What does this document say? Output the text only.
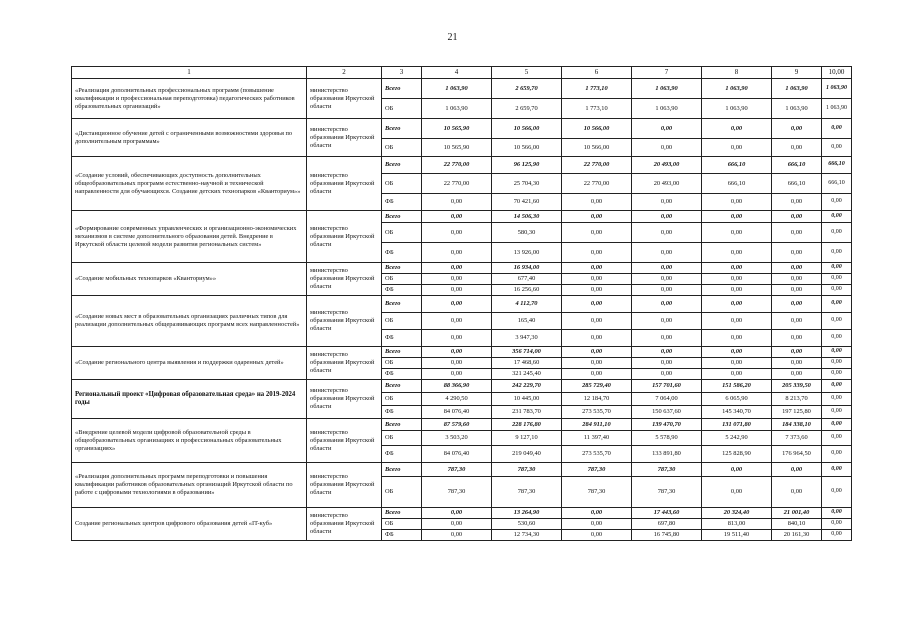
21
1	2	3	4	5	6	7	8	9	10,00
«Реализация дополнительных профессиональных программ (повышение квалификации и профессиональная переподготовка) педагогических работников образовательных организаций»	министерство образования Иркутской области	Всего	1 063,90	2 659,70	1 773,10	1 063,90	1 063,90	1 063,90	1 063,90
		ОБ	1 063,90	2 659,70	1 773,10	1 063,90	1 063,90	1 063,90	1 063,90
«Дистанционное обучение детей с ограниченными возможностями здоровья по дополнительным программам»	министерство образования Иркутской области	Всего	10 565,90	10 566,00	10 566,00	0,00	0,00	0,00	0,00
		ОБ	10 565,90	10 566,00	10 566,00	0,00	0,00	0,00	0,00
«Создание условий, обеспечивающих доступность дополнительных общеобразовательных программ естественно-научной и технической направленности для обучающихся. Создание детских технопарков «Кванториум»»	министерство образования Иркутской области	Всего	22 770,00	96 125,90	22 770,00	20 493,00	666,10	666,10	666,10
		ОБ	22 770,00	25 704,30	22 770,00	20 493,00	666,10	666,10	666,10
		ФБ	0,00	70 421,60	0,00	0,00	0,00	0,00	0,00
«Формирование современных управленческих и организационно-экономических механизмов в системе дополнительного образования детей. Внедрение в Иркутской области целевой модели развития региональных систем»	министерство образования Иркутской области	Всего	0,00	14 506,30	0,00	0,00	0,00	0,00	0,00
		ОБ	0,00	580,30	0,00	0,00	0,00	0,00	0,00
		ФБ	0,00	13 926,00	0,00	0,00	0,00	0,00	0,00
«Создание мобильных технопарков «Кванториум»»	министерство образования Иркутской области	Всего	0,00	16 934,00	0,00	0,00	0,00	0,00	0,00
		ОБ	0,00	677,40	0,00	0,00	0,00	0,00	0,00
		ФБ	0,00	16 256,60	0,00	0,00	0,00	0,00	0,00
«Создание новых мест в образовательных организациях различных типов для реализации дополнительных общеразвивающих программ всех направленностей»	министерство образования Иркутской области	Всего	0,00	4 112,70	0,00	0,00	0,00	0,00	0,00
		ОБ	0,00	165,40	0,00	0,00	0,00	0,00	0,00
		ФБ	0,00	3 947,30	0,00	0,00	0,00	0,00	0,00
«Создание регионального центра выявления и поддержки одаренных детей»	министерство образования Иркутской области	Всего	0,00	356 714,00	0,00	0,00	0,00	0,00	0,00
		ОБ	0,00	17 468,60	0,00	0,00	0,00	0,00	0,00
		ФБ	0,00	321 245,40	0,00	0,00	0,00	0,00	0,00
Региональный проект «Цифровая образовательная среда» на 2019-2024 годы	министерство образования Иркутской области	Всего	88 366,90	242 229,70	285 729,40	157 701,60	151 586,20	205 339,50	0,00
		ОБ	4 290,50	10 445,00	12 184,70	7 064,00	6 065,90	8 213,70	0,00
		ФБ	84 076,40	231 783,70	273 535,70	150 637,60	145 340,70	197 125,80	0,00
«Внедрение целевой модели цифровой образовательной среды в общеобразовательных организациях и профессиональных образовательных организациях»	министерство образования Иркутской области	Всего	87 579,60	228 176,80	284 911,10	139 470,70	131 071,80	184 338,10	0,00
		ОБ	3 503,20	9 127,10	11 397,40	5 578,90	5 242,90	7 373,60	0,00
		ФБ	84 076,40	219 049,40	273 535,70	133 891,80	125 828,90	176 964,50	0,00
«Реализация дополнительных программ переподготовки и повышения квалификации работников образовательных организаций Иркутской области по работе с цифровыми технологиями в образовании»	министерство образования Иркутской области	Всего	787,30	787,30	787,30	787,30	0,00	0,00	0,00
		ОБ	787,30	787,30	787,30	787,30	0,00	0,00	0,00
Создание региональных центров цифрового образования детей «IT-куб»	министерство образования Иркутской области	Всего	0,00	13 264,90	0,00	17 443,60	20 324,40	21 001,40	0,00
		ОБ	0,00	530,60	0,00	697,80	813,00	840,10	0,00
		ФБ	0,00	12 734,30	0,00	16 745,80	19 511,40	20 161,30	0,00
